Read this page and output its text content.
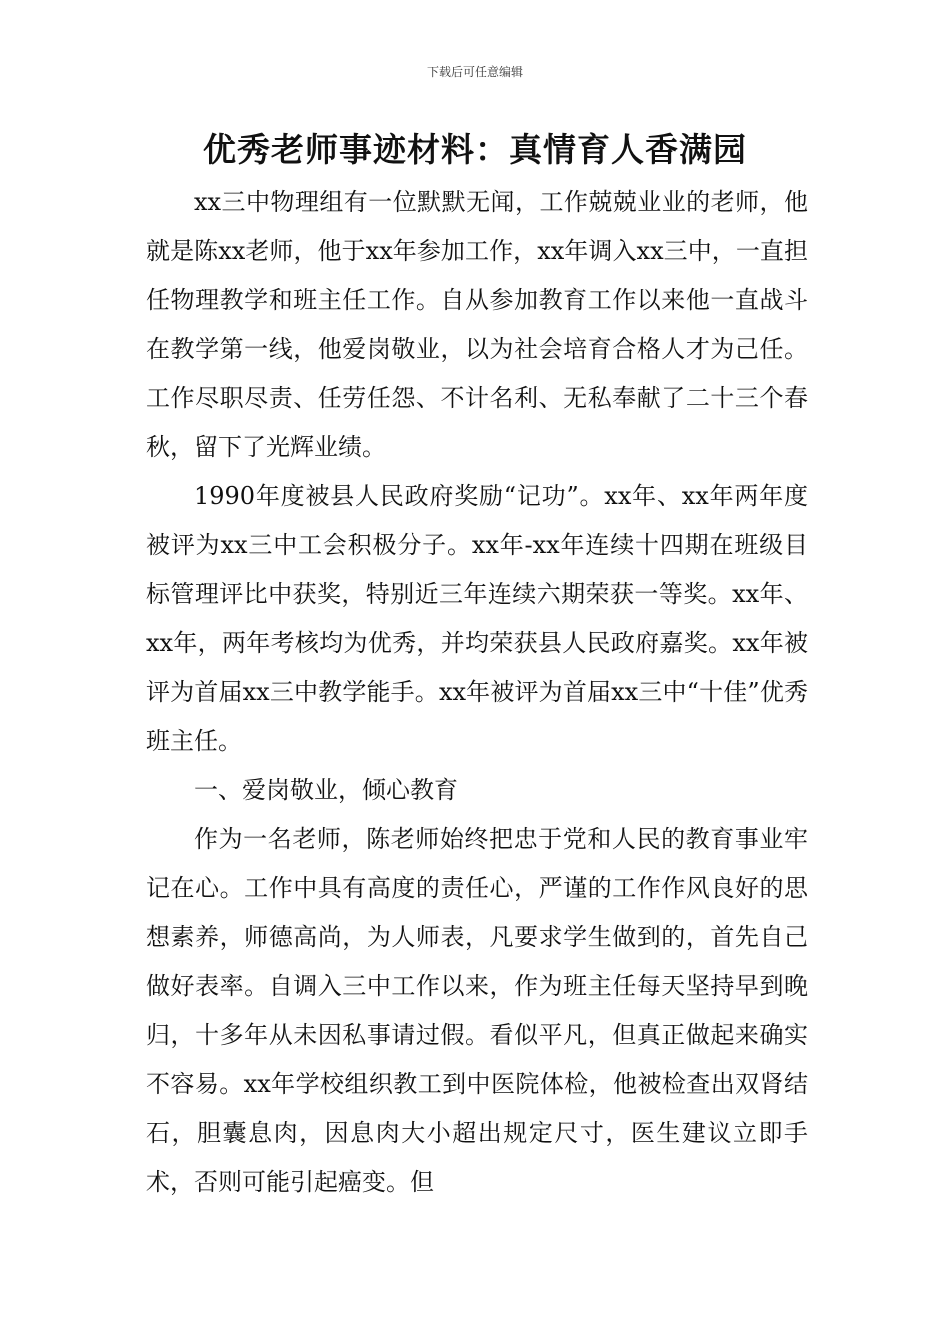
下载后可任意编辑
优秀老师事迹材料：真情育人香满园

xx三中物理组有一位默默无闻，工作兢兢业业的老师，他就是陈xx老师，他于xx年参加工作，xx年调入xx三中，一直担任物理教学和班主任工作。自从参加教育工作以来他一直战斗在教学第一线，他爱岗敬业，以为社会培育合格人才为己任。工作尽职尽责、任劳任怨、不计名利、无私奉献了二十三个春秋，留下了光辉业绩。

1990年度被县人民政府奖励“记功”。xx年、xx年两年度被评为xx三中工会积极分子。xx年-xx年连续十四期在班级目标管理评比中获奖，特别近三年连续六期荣获一等奖。xx年、xx年，两年考核均为优秀，并均荣获县人民政府嘉奖。xx年被评为首届xx三中教学能手。xx年被评为首届xx三中“十佳”优秀班主任。

一、爱岗敬业，倾心教育

作为一名老师，陈老师始终把忠于党和人民的教育事业牢记在心。工作中具有高度的责任心，严谨的工作作风良好的思想素养，师德高尚，为人师表，凡要求学生做到的，首先自己做好表率。自调入三中工作以来，作为班主任每天坚持早到晚归，十多年从未因私事请过假。看似平凡，但真正做起来确实不容易。xx年学校组织教工到中医院体检，他被检查出双肾结石，胆囊息肉，因息肉大小超出规定尺寸，医生建议立即手术，否则可能引起癌变。但
